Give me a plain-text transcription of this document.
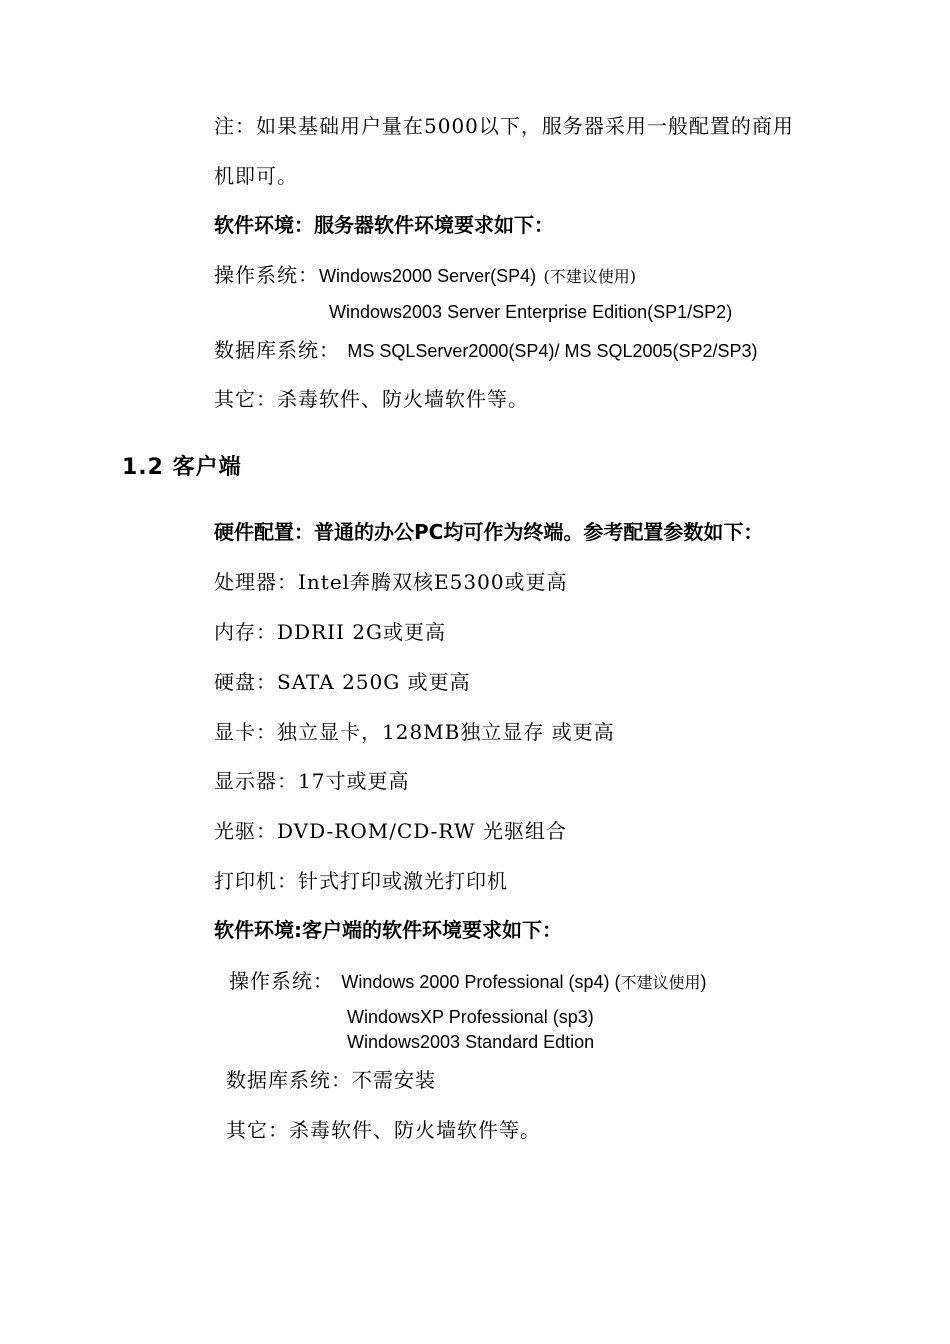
注：如果基础用户量在5000以下，服务器采用一般配置的商用
机即可。
软件环境：服务器软件环境要求如下：
操作系统：Windows2000 Server(SP4) (不建议使用)
Windows2003 Server Enterprise Edition(SP1/SP2)
数据库系统： MS SQLServer2000(SP4)/ MS SQL2005(SP2/SP3)
其它：杀毒软件、防火墙软件等。
1.2 客户端
硬件配置：普通的办公PC均可作为终端。参考配置参数如下：
处理器：Intel奔腾双核E5300或更高
内存：DDRII 2G或更高
硬盘：SATA 250G 或更高
显卡：独立显卡，128MB独立显存 或更高
显示器：17寸或更高
光驱：DVD-ROM/CD-RW 光驱组合
打印机：针式打印或激光打印机
软件环境:客户端的软件环境要求如下：
操作系统： Windows 2000 Professional (sp4) (不建议使用)
WindowsXP Professional (sp3)
Windows2003 Standard Edtion
数据库系统：不需安装
其它：杀毒软件、防火墙软件等。
